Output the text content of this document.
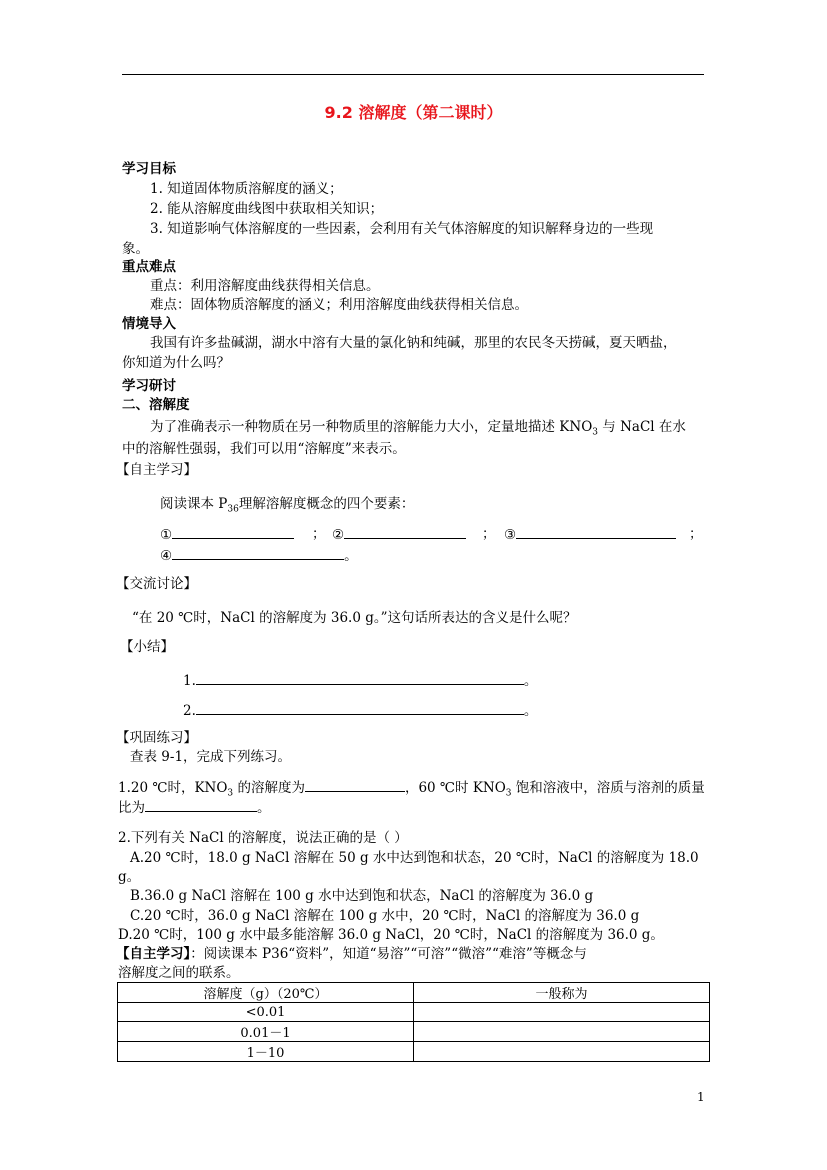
9.2 溶解度（第二课时）
学习目标
1. 知道固体物质溶解度的涵义；
2. 能从溶解度曲线图中获取相关知识；
3. 知道影响气体溶解度的一些因素，会利用有关气体溶解度的知识解释身边的一些现
象。
重点难点
重点：利用溶解度曲线获得相关信息。
难点：固体物质溶解度的涵义；利用溶解度曲线获得相关信息。
情境导入
我国有许多盐碱湖，湖水中溶有大量的氯化钠和纯碱，那里的农民冬天捞碱，夏天晒盐，
你知道为什么吗？
学习研讨
二、溶解度
为了准确表示一种物质在另一种物质里的溶解能力大小，定量地描述 $KNO_3$ 与 NaCl 在水
中的溶解性强弱，我们可以用“溶解度”来表示。
【自主学习】
阅读课本 $P_{36}$理解溶解度概念的四个要素：
①	； ②	； ③	；
④	。
【交流讨论】
“在 20 ℃时，NaCl 的溶解度为 36.0 g。”这句话所表达的含义是什么呢？
【小结】
1.	。
2.	。
【巩固练习】
查表 9-1，完成下列练习。
1.20 ℃时，$KNO_3$ 的溶解度为	，60 ℃时 $KNO_3$ 饱和溶液中，溶质与溶剂的质量
比为	。
2.下列有关 NaCl 的溶解度，说法正确的是（ ）
A.20 ℃时，18.0 g NaCl 溶解在 50 g 水中达到饱和状态，20 ℃时，NaCl 的溶解度为 18.0
g。
B.36.0 g NaCl 溶解在 100 g 水中达到饱和状态，NaCl 的溶解度为 36.0 g
C.20 ℃时，36.0 g NaCl 溶解在 100 g 水中，20 ℃时，NaCl 的溶解度为 36.0 g
D.20 ℃时，100 g 水中最多能溶解 36.0 g NaCl，20 ℃时，NaCl 的溶解度为 36.0 g。
【自主学习】：阅读课本 P36“资料”，知道“易溶”“可溶”“微溶”“难溶”等概念与
溶解度之间的联系。
溶解度（g）（20℃）	一般称为
<0.01	
0.01－1	
1－10	
1
